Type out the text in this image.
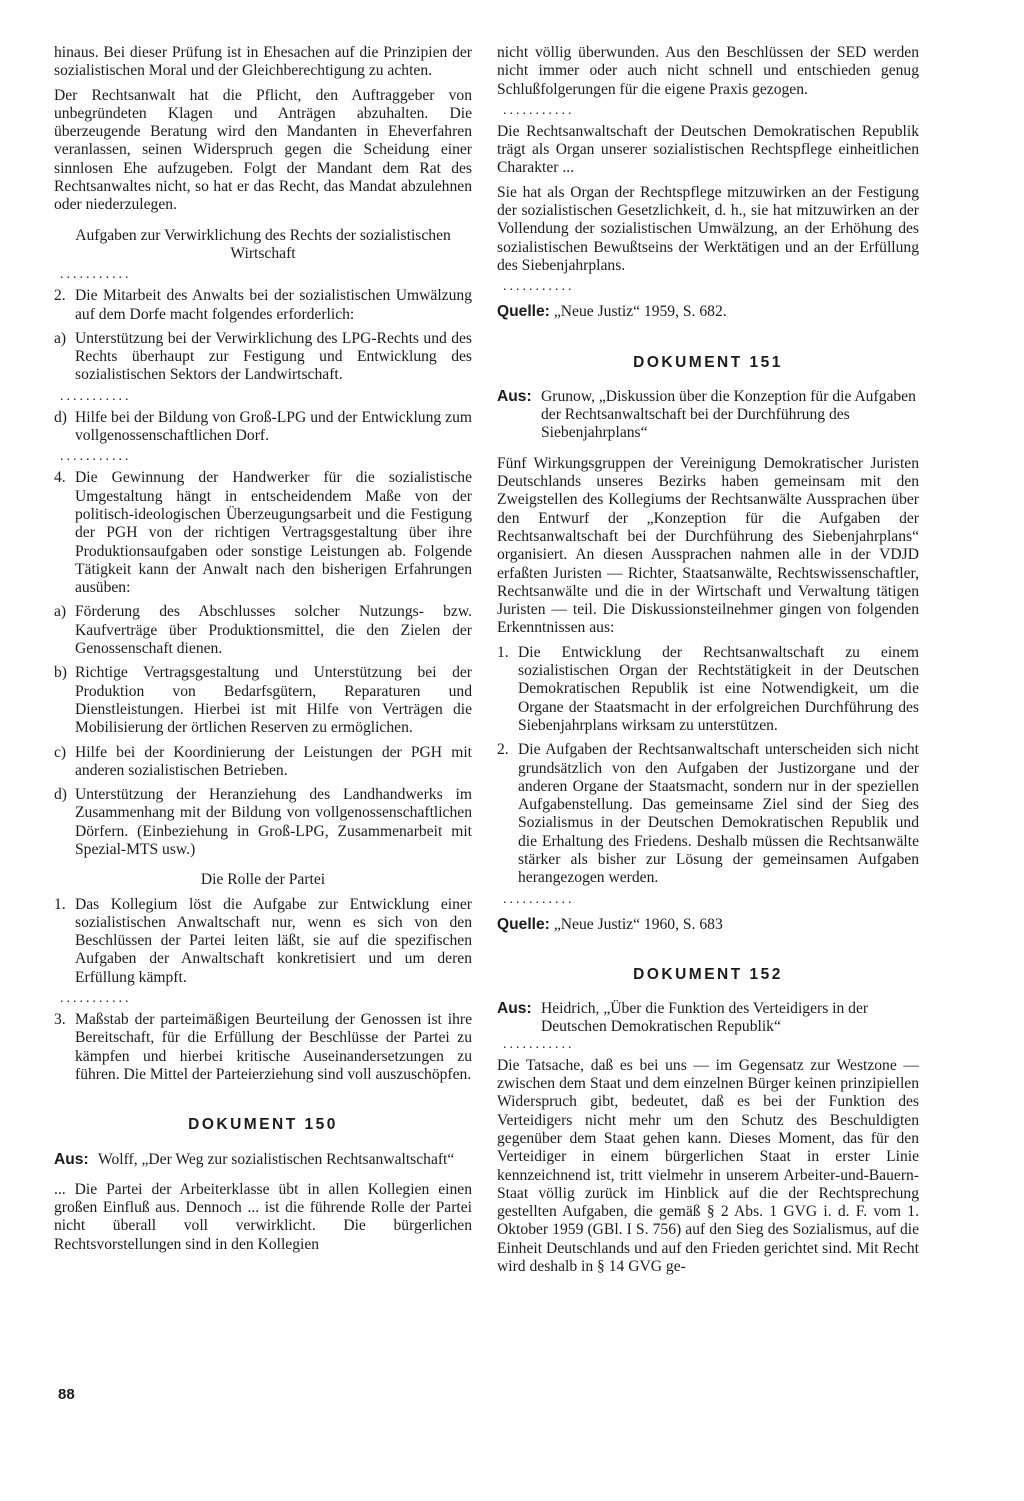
hinaus. Bei dieser Prüfung ist in Ehesachen auf die Prinzipien der sozialistischen Moral und der Gleichberechtigung zu achten.

Der Rechtsanwalt hat die Pflicht, den Auftraggeber von unbegründeten Klagen und Anträgen abzuhalten. Die überzeugende Beratung wird den Mandanten in Eheverfahren veranlassen, seinen Widerspruch gegen die Scheidung einer sinnlosen Ehe aufzugeben. Folgt der Mandant dem Rat des Rechtsanwaltes nicht, so hat er das Recht, das Mandat abzulehnen oder niederzulegen.

Aufgaben zur Verwirklichung des Rechts der sozialistischen Wirtschaft
...........
2. Die Mitarbeit des Anwalts bei der sozialistischen Umwälzung auf dem Dorfe macht folgendes erforderlich:
a) Unterstützung bei der Verwirklichung des LPG-Rechts und des Rechts überhaupt zur Festigung und Entwicklung des sozialistischen Sektors der Landwirtschaft.
...........
d) Hilfe bei der Bildung von Groß-LPG und der Entwicklung zum vollgenossenschaftlichen Dorf.
...........
4. Die Gewinnung der Handwerker für die sozialistische Umgestaltung hängt in entscheidendem Maße von der politisch-ideologischen Überzeugungsarbeit und die Festigung der PGH von der richtigen Vertragsgestaltung über ihre Produktionsaufgaben oder sonstige Leistungen ab. Folgende Tätigkeit kann der Anwalt nach den bisherigen Erfahrungen ausüben:
a) Förderung des Abschlusses solcher Nutzungs- bzw. Kaufverträge über Produktionsmittel, die den Zielen der Genossenschaft dienen.
b) Richtige Vertragsgestaltung und Unterstützung bei der Produktion von Bedarfsgütern, Reparaturen und Dienstleistungen. Hierbei ist mit Hilfe von Verträgen die Mobilisierung der örtlichen Reserven zu ermöglichen.
c) Hilfe bei der Koordinierung der Leistungen der PGH mit anderen sozialistischen Betrieben.
d) Unterstützung der Heranziehung des Landhandwerks im Zusammenhang mit der Bildung von vollgenossenschaftlichen Dörfern. (Einbeziehung in Groß-LPG, Zusammenarbeit mit Spezial-MTS usw.)
Die Rolle der Partei
1. Das Kollegium löst die Aufgabe zur Entwicklung einer sozialistischen Anwaltschaft nur, wenn es sich von den Beschlüssen der Partei leiten läßt, sie auf die spezifischen Aufgaben der Anwaltschaft konkretisiert und um deren Erfüllung kämpft.
...........
3. Maßstab der parteimäßigen Beurteilung der Genossen ist ihre Bereitschaft, für die Erfüllung der Beschlüsse der Partei zu kämpfen und hierbei kritische Auseinandersetzungen zu führen. Die Mittel der Parteierziehung sind voll auszuschöpfen.
DOKUMENT 150
Aus: Wolff, „Der Weg zur sozialistischen Rechtsanwaltschaft“

... Die Partei der Arbeiterklasse übt in allen Kollegien einen großen Einfluß aus. Dennoch ... ist die führende Rolle der Partei nicht überall voll verwirklicht. Die bürgerlichen Rechtsvorstellungen sind in den Kollegien

nicht völlig überwunden. Aus den Beschlüssen der SED werden nicht immer oder auch nicht schnell und entschieden genug Schlußfolgerungen für die eigene Praxis gezogen.

...........

Die Rechtsanwaltschaft der Deutschen Demokratischen Republik trägt als Organ unserer sozialistischen Rechtspflege einheitlichen Charakter ...

Sie hat als Organ der Rechtspflege mitzuwirken an der Festigung der sozialistischen Gesetzlichkeit, d. h., sie hat mitzuwirken an der Vollendung der sozialistischen Umwälzung, an der Erhöhung des sozialistischen Bewußtseins der Werktätigen und an der Erfüllung des Siebenjahrplans.

...........
Quelle: „Neue Justiz“ 1959, S. 682.
DOKUMENT 151
Aus: Grunow, „Diskussion über die Konzeption für die Aufgaben der Rechtsanwaltschaft bei der Durchführung des Siebenjahrplans“

Fünf Wirkungsgruppen der Vereinigung Demokratischer Juristen Deutschlands unseres Bezirks haben gemeinsam mit den Zweigstellen des Kollegiums der Rechtsanwälte Aussprachen über den Entwurf der „Konzeption für die Aufgaben der Rechtsanwaltschaft bei der Durchführung des Siebenjahrplans“ organisiert. An diesen Aussprachen nahmen alle in der VDJD erfaßten Juristen — Richter, Staatsanwälte, Rechtswissenschaftler, Rechtsanwälte und die in der Wirtschaft und Verwaltung tätigen Juristen — teil. Die Diskussionsteilnehmer gingen von folgenden Erkenntnissen aus:

1. Die Entwicklung der Rechtsanwaltschaft zu einem sozialistischen Organ der Rechtstätigkeit in der Deutschen Demokratischen Republik ist eine Notwendigkeit, um die Organe der Staatsmacht in der erfolgreichen Durchführung des Siebenjahrplans wirksam zu unterstützen.
2. Die Aufgaben der Rechtsanwaltschaft unterscheiden sich nicht grundsätzlich von den Aufgaben der Justizorgane und der anderen Organe der Staatsmacht, sondern nur in der speziellen Aufgabenstellung. Das gemeinsame Ziel sind der Sieg des Sozialismus in der Deutschen Demokratischen Republik und die Erhaltung des Friedens. Deshalb müssen die Rechtsanwälte stärker als bisher zur Lösung der gemeinsamen Aufgaben herangezogen werden.
...........
Quelle: „Neue Justiz“ 1960, S. 683
DOKUMENT 152
Aus: Heidrich, „Über die Funktion des Verteidigers in der Deutschen Demokratischen Republik“
...........

Die Tatsache, daß es bei uns — im Gegensatz zur Westzone — zwischen dem Staat und dem einzelnen Bürger keinen prinzipiellen Widerspruch gibt, bedeutet, daß es bei der Funktion des Verteidigers nicht mehr um den Schutz des Beschuldigten gegenüber dem Staat gehen kann. Dieses Moment, das für den Verteidiger in einem bürgerlichen Staat in erster Linie kennzeichnend ist, tritt vielmehr in unserem Arbeiter-und-Bauern-Staat völlig zurück im Hinblick auf die der Rechtsprechung gestellten Aufgaben, die gemäß § 2 Abs. 1 GVG i. d. F. vom 1. Oktober 1959 (GBl. I S. 756) auf den Sieg des Sozialismus, auf die Einheit Deutschlands und auf den Frieden gerichtet sind. Mit Recht wird deshalb in § 14 GVG ge-

88
